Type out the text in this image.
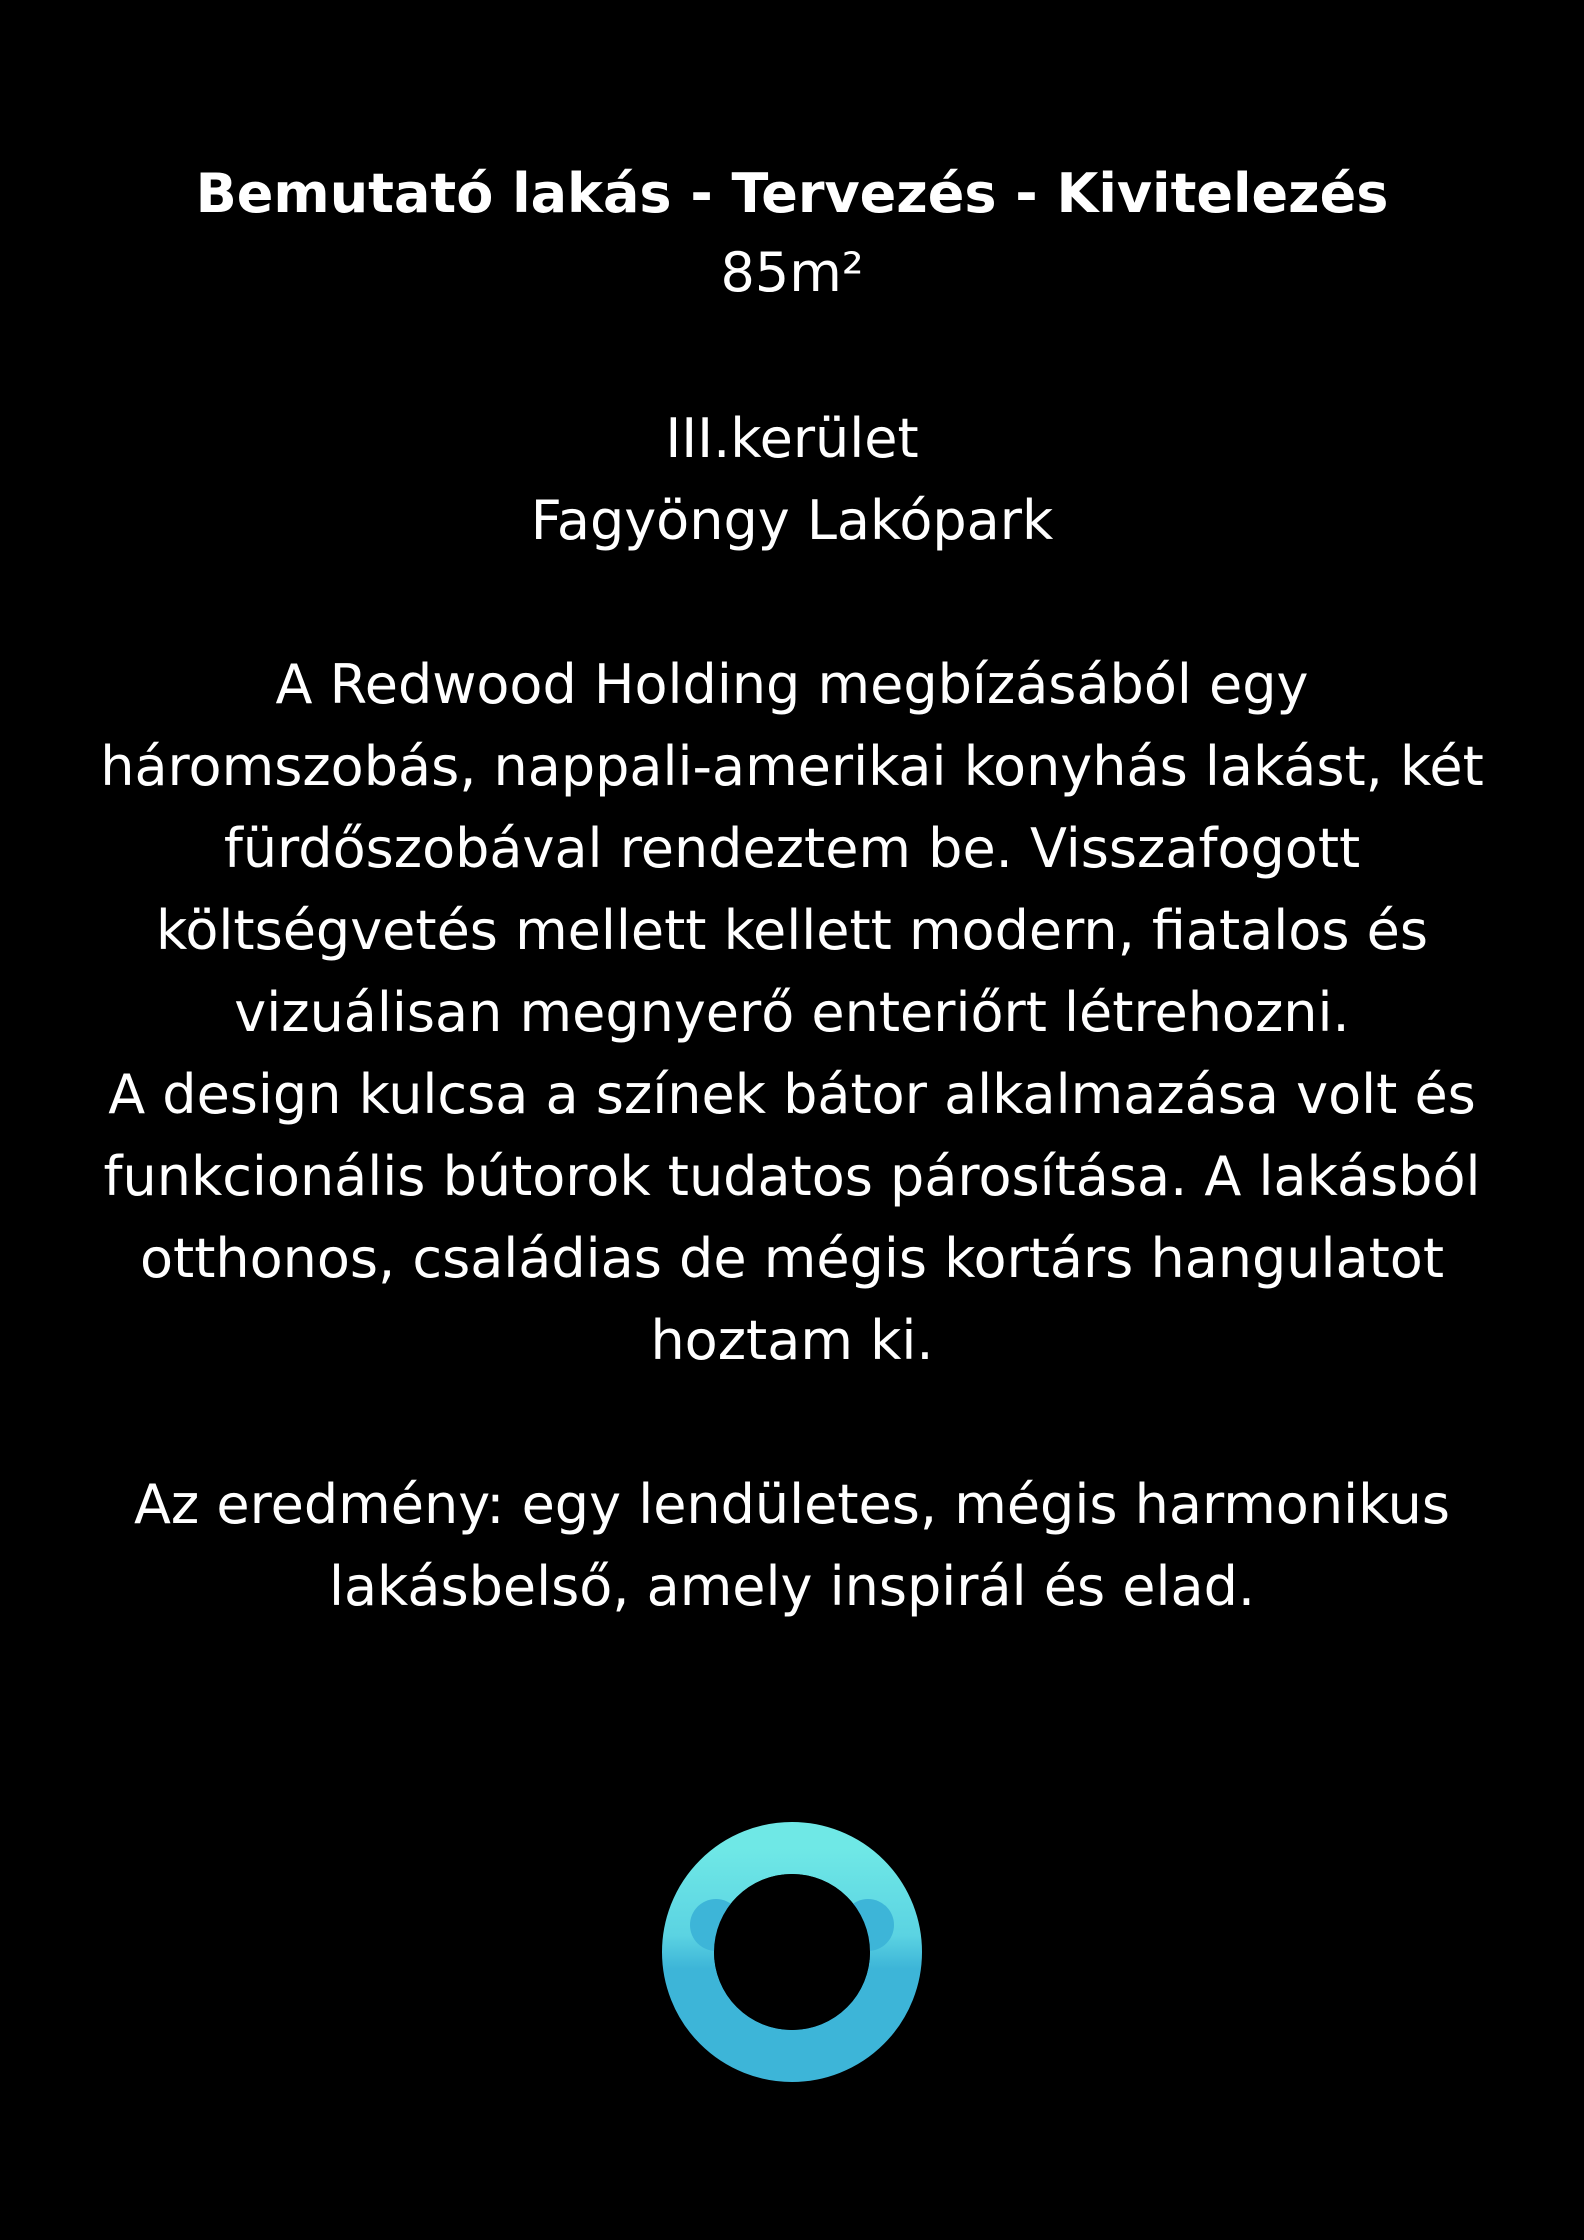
Bemutató lakás - Tervezés - Kivitelezés

85m²

III.kerület

Fagyöngy Lakópark

A Redwood Holding megbízásából egy
háromszobás, nappali-amerikai konyhás lakást, két
fürdőszobával rendeztem be. Visszafogott
költségvetés mellett kellett modern, fiatalos és
vizuálisan megnyerő enteriőrt létrehozni.
A design kulcsa a színek bátor alkalmazása volt és
funkcionális bútorok tudatos párosítása. A lakásból
otthonos, családias de mégis kortárs hangulatot
hoztam ki.
Az eredmény: egy lendületes, mégis harmonikus
lakásbelső, amely inspirál és elad.
